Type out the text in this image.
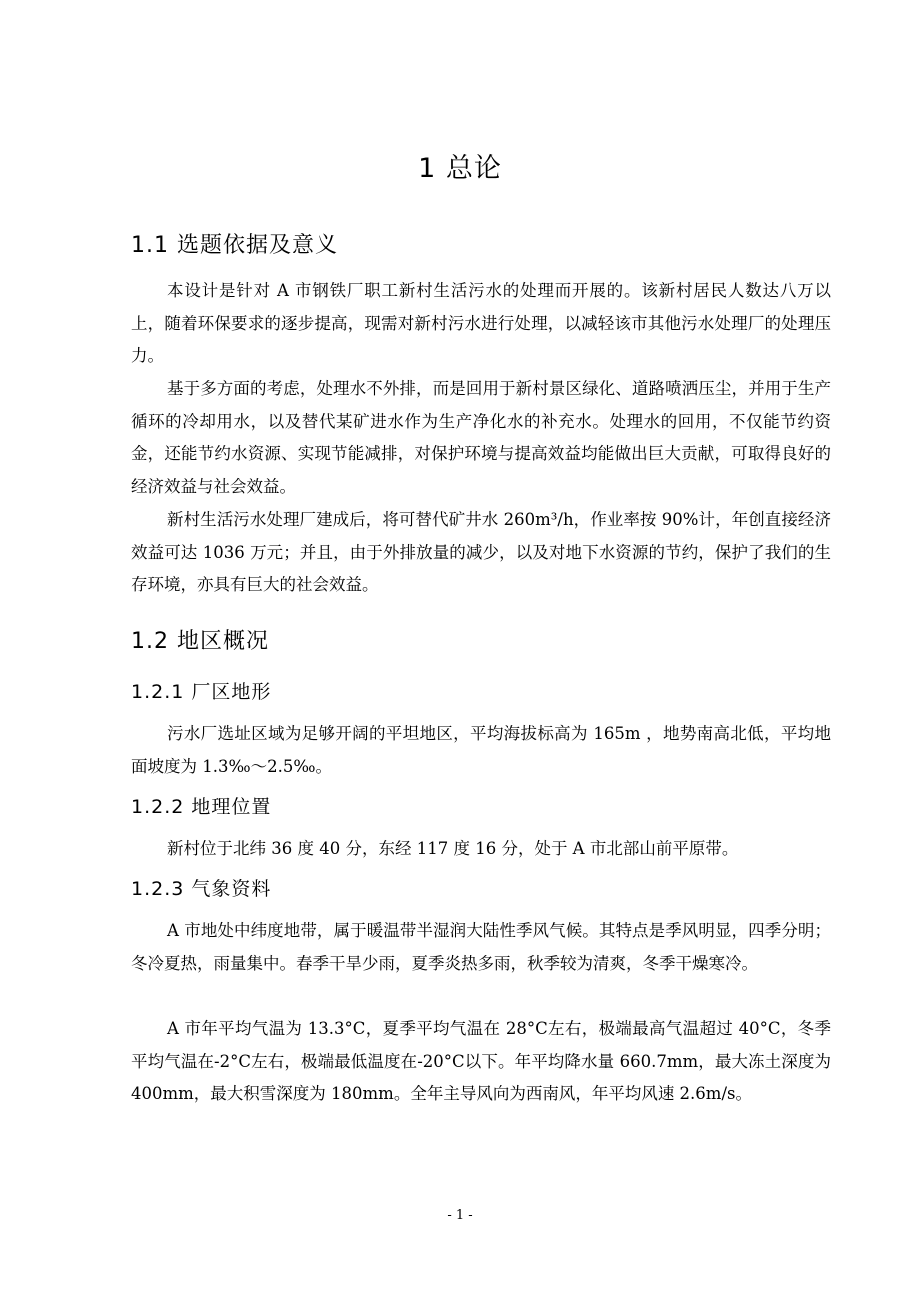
1 总论
1.1 选题依据及意义

本设计是针对 A 市钢铁厂职工新村生活污水的处理而开展的。该新村居民人数达八万以上，随着环保要求的逐步提高，现需对新村污水进行处理，以减轻该市其他污水处理厂的处理压力。

基于多方面的考虑，处理水不外排，而是回用于新村景区绿化、道路喷洒压尘，并用于生产循环的冷却用水，以及替代某矿进水作为生产净化水的补充水。处理水的回用，不仅能节约资金，还能节约水资源、实现节能减排，对保护环境与提高效益均能做出巨大贡献，可取得良好的经济效益与社会效益。

新村生活污水处理厂建成后，将可替代矿井水 260m³/h，作业率按 90%计，年创直接经济效益可达 1036 万元；并且，由于外排放量的减少，以及对地下水资源的节约，保护了我们的生存环境，亦具有巨大的社会效益。

1.2 地区概况
1.2.1 厂区地形

污水厂选址区域为足够开阔的平坦地区，平均海拔标高为 165m ，地势南高北低，平均地面坡度为 1.3‰～2.5‰。

1.2.2 地理位置

新村位于北纬 36 度 40 分，东经 117 度 16 分，处于 A 市北部山前平原带。

1.2.3 气象资料

A 市地处中纬度地带，属于暖温带半湿润大陆性季风气候。其特点是季风明显，四季分明；冬冷夏热，雨量集中。春季干旱少雨，夏季炎热多雨，秋季较为清爽，冬季干燥寒冷。

A 市年平均气温为 13.3°C，夏季平均气温在 28°C左右，极端最高气温超过 40°C，冬季平均气温在-2°C左右，极端最低温度在-20°C以下。年平均降水量 660.7mm，最大冻土深度为 400mm，最大积雪深度为 180mm。全年主导风向为西南风，年平均风速 2.6m/s。

- 1 -
